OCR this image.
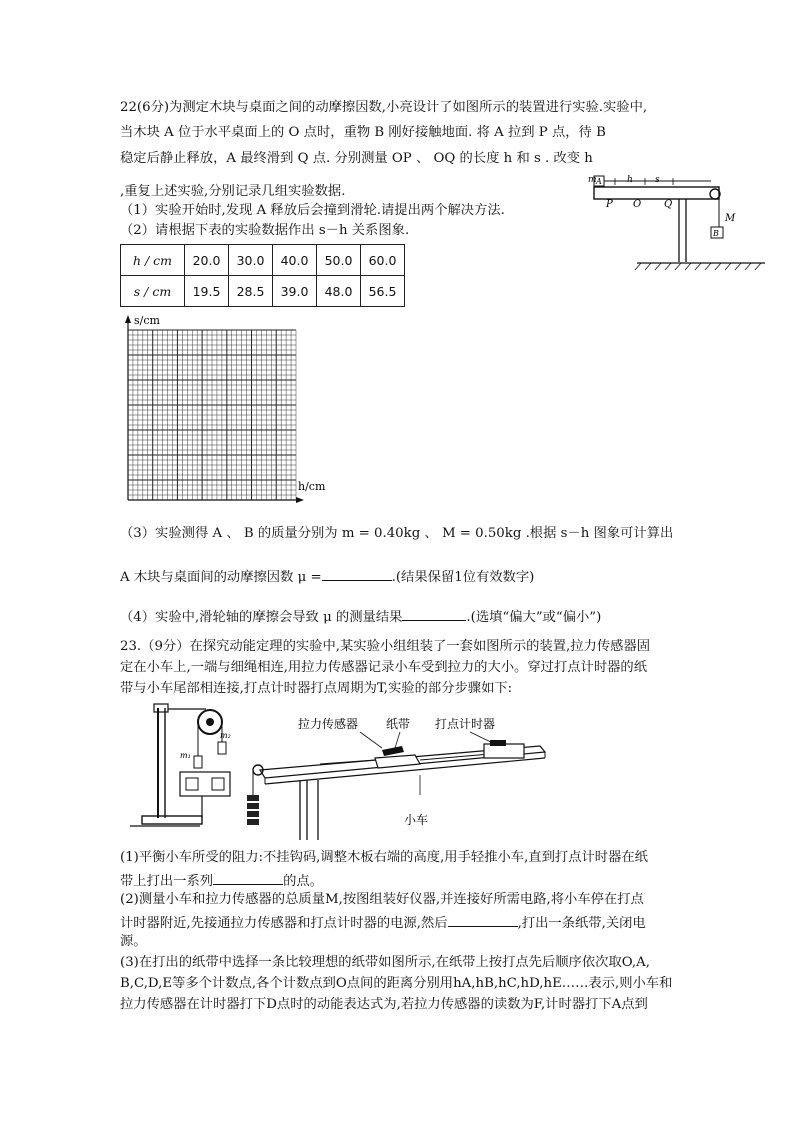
22(6分)为测定木块与桌面之间的动摩擦因数,小亮设计了如图所示的装置进行实验.实验中,
当木块 A 位于水平桌面上的 O 点时，重物 B 刚好接触地面. 将 A 拉到 P 点，待 B
稳定后静止释放，A 最终滑到 Q 点. 分别测量 OP 、 OQ 的长度 h 和 s . 改变 h
,重复上述实验,分别记录几组实验数据.
（1）实验开始时,发现 A 释放后会撞到滑轮.请提出两个解决方法.
（2）请根据下表的实验数据作出 s－h 关系图象.
h / cm	20.0	30.0	40.0	50.0	60.0
s / cm	19.5	28.5	39.0	48.0	56.5
m A	h s
P O Q
M
B
s/cm
h/cm
（3）实验测得 A 、 B 的质量分别为 m = 0.40kg 、 M = 0.50kg .根据 s－h 图象可计算出
A 木块与桌面间的动摩擦因数 μ =	.(结果保留1位有效数字)
（4）实验中,滑轮轴的摩擦会导致 μ 的测量结果	.(选填“偏大”或“偏小”)
23.（9分）在探究动能定理的实验中,某实验小组组装了一套如图所示的装置,拉力传感器固
定在小车上,一端与细绳相连,用拉力传感器记录小车受到拉力的大小。穿过打点计时器的纸
带与小车尾部相连接,打点计时器打点周期为T,实验的部分步骤如下:
m₁
m₂
拉力传感器 纸带 打点计时器
小车
(1)平衡小车所受的阻力:不挂钩码,调整木板右端的高度,用手轻推小车,直到打点计时器在纸
带上打出一系列	的点。
(2)测量小车和拉力传感器的总质量M,按图组装好仪器,并连接好所需电路,将小车停在打点
计时器附近,先接通拉力传感器和打点计时器的电源,然后	,打出一条纸带,关闭电
源。
(3)在打出的纸带中选择一条比较理想的纸带如图所示,在纸带上按打点先后顺序依次取O,A,
B,C,D,E等多个计数点,各个计数点到O点间的距离分别用hA,hB,hC,hD,hE……表示,则小车和
拉力传感器在计时器打下D点时的动能表达式为,若拉力传感器的读数为F,计时器打下A点到
